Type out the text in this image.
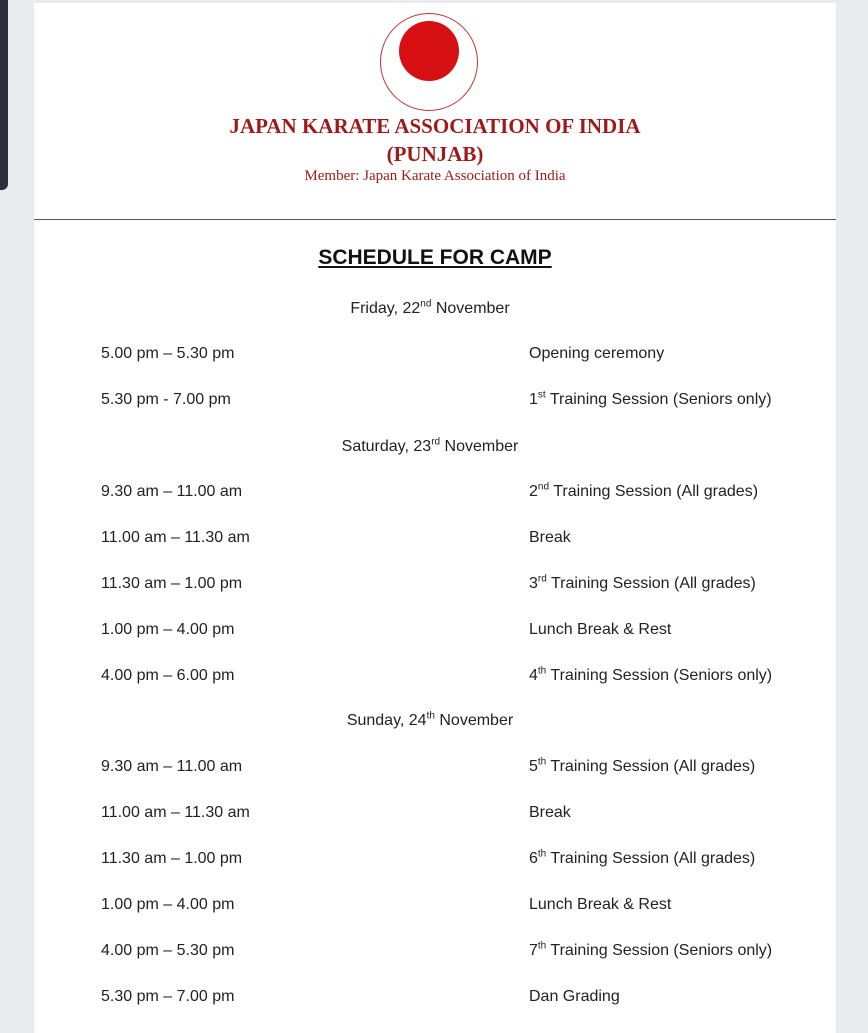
JAPAN KARATE ASSOCIATION OF INDIA
(PUNJAB)
Member: Japan Karate Association of India
SCHEDULE FOR CAMP
Friday, 22nd November
5.00 pm – 5.30 pm	Opening ceremony
5.30 pm - 7.00 pm	1st Training Session (Seniors only)
Saturday, 23rd November
9.30 am – 11.00 am	2nd Training Session (All grades)
11.00 am – 11.30 am	Break
11.30 am – 1.00 pm	3rd Training Session (All grades)
1.00 pm – 4.00 pm	Lunch Break & Rest
4.00 pm – 6.00 pm	4th Training Session (Seniors only)
Sunday, 24th November
9.30 am – 11.00 am	5th Training Session (All grades)
11.00 am – 11.30 am	Break
11.30 am – 1.00 pm	6th Training Session (All grades)
1.00 pm – 4.00 pm	Lunch Break & Rest
4.00 pm – 5.30 pm	7th Training Session (Seniors only)
5.30 pm – 7.00 pm	Dan Grading
